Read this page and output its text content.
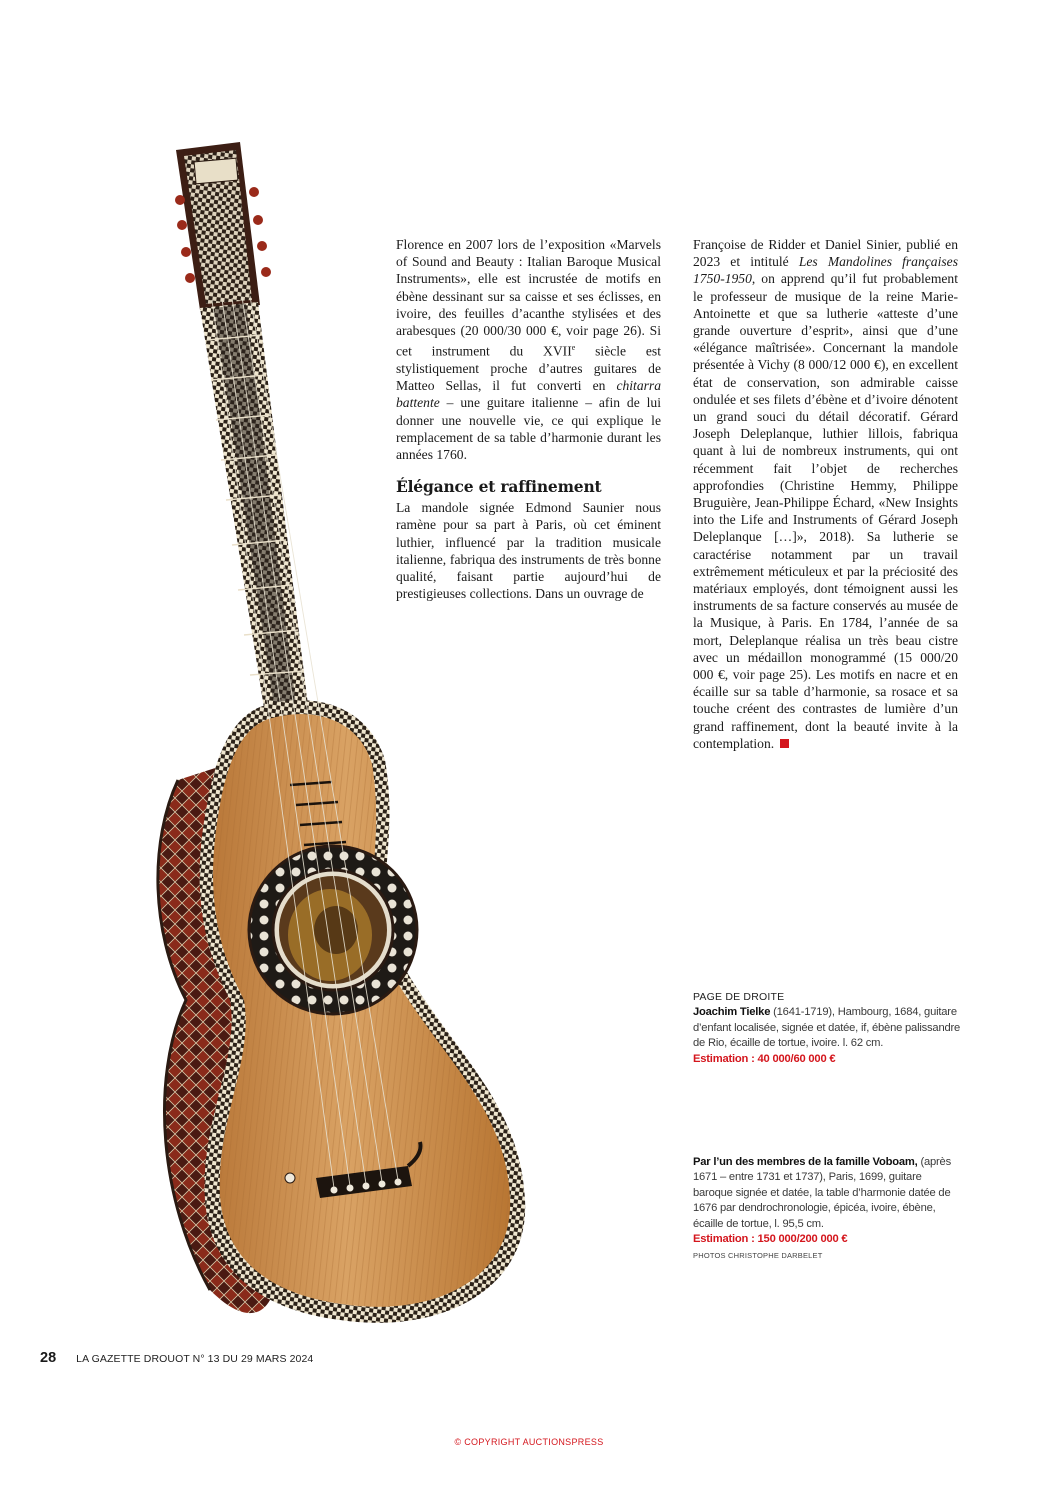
Florence en 2007 lors de l’exposition «Marvels of Sound and Beauty : Italian Baroque Musical Instruments», elle est incrustée de motifs en ébène dessinant sur sa caisse et ses éclisses, en ivoire, des feuilles d’acanthe stylisées et des arabesques (20 000/30 000 €, voir page 26). Si cet instrument du XVIIe siècle est stylistiquement proche d’autres guitares de Matteo Sellas, il fut converti en chitarra battente – une guitare italienne – afin de lui donner une nouvelle vie, ce qui explique le remplacement de sa table d’harmonie durant les années 1760.

Élégance et raffinement

La mandole signée Edmond Saunier nous ramène pour sa part à Paris, où cet éminent luthier, influencé par la tradition musicale italienne, fabriqua des instruments de très bonne qualité, faisant partie aujourd’hui de prestigieuses collections. Dans un ouvrage de

Françoise de Ridder et Daniel Sinier, publié en 2023 et intitulé Les Mandolines françaises 1750-1950, on apprend qu’il fut probablement le professeur de musique de la reine Marie-Antoinette et que sa lutherie «atteste d’une grande ouverture d’esprit», ainsi que d’une «élégance maîtrisée». Concernant la mandole présentée à Vichy (8 000/12 000 €), en excellent état de conservation, son admirable caisse ondulée et ses filets d’ébène et d’ivoire dénotent un grand souci du détail décoratif. Gérard Joseph Deleplanque, luthier lillois, fabriqua quant à lui de nombreux instruments, qui ont récemment fait l’objet de recherches approfondies (Christine Hemmy, Philippe Bruguière, Jean-Philippe Échard, «New Insights into the Life and Instruments of Gérard Joseph Deleplanque […]», 2018). Sa lutherie se caractérise notamment par un travail extrêmement méticuleux et par la préciosité des matériaux employés, dont témoignent aussi les instruments de sa facture conservés au musée de la Musique, à Paris. En 1784, l’année de sa mort, Deleplanque réalisa un très beau cistre avec un médaillon monogrammé (15 000/20 000 €, voir page 25). Les motifs en nacre et en écaille sur sa table d’harmonie, sa rosace et sa touche créent des contrastes de lumière d’un grand raffinement, dont la beauté invite à la contemplation.

PAGE DE DROITE
Joachim Tielke (1641-1719), Hambourg, 1684, guitare d’enfant localisée, signée et datée, if, ébène palissandre de Rio, écaille de tortue, ivoire. l. 62 cm.
Estimation : 40 000/60 000 €
Par l’un des membres de la famille Voboam, (après 1671 – entre 1731 et 1737), Paris, 1699, guitare baroque signée et datée, la table d’harmonie datée de 1676 par dendrochronologie, épicéa, ivoire, ébène, écaille de tortue, l. 95,5 cm.
Estimation : 150 000/200 000 €
PHOTOS CHRISTOPHE DARBELET
28 LA GAZETTE DROUOT N° 13 DU 29 MARS 2024
© COPYRIGHT AUCTIONSPRESS
